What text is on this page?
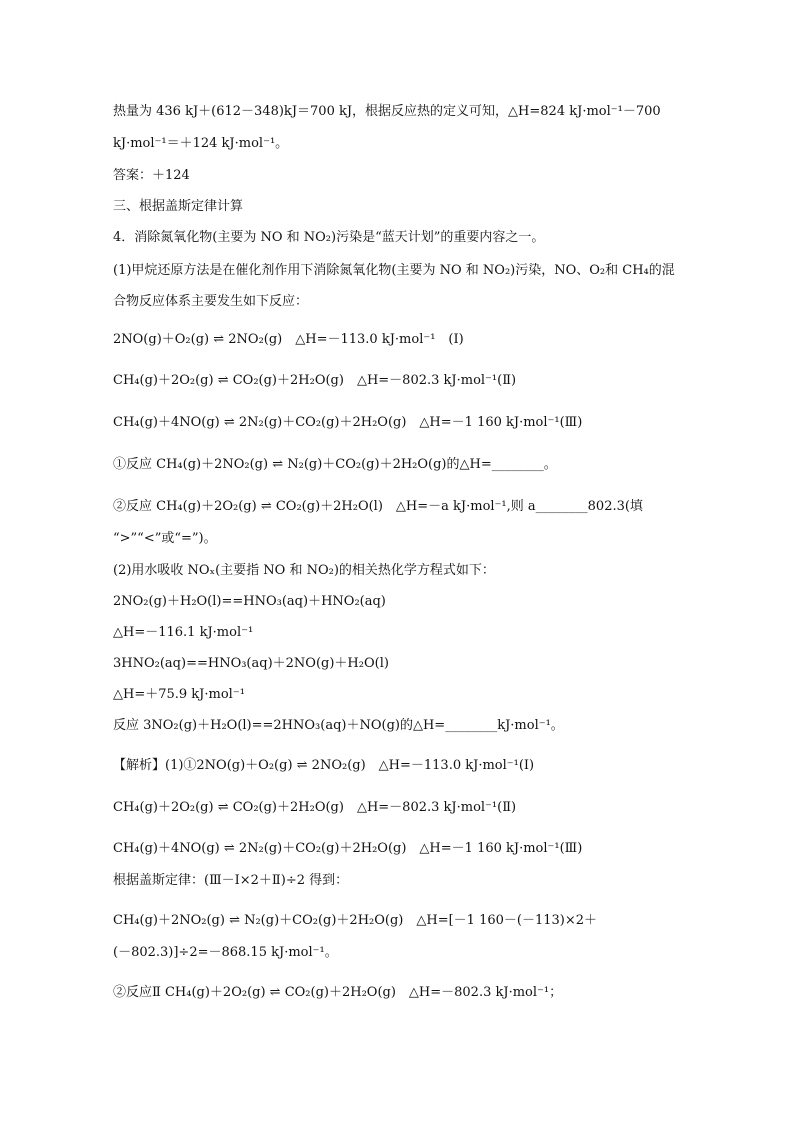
热量为 436 kJ＋(612－348)kJ＝700 kJ，根据反应热的定义可知，△H=824 kJ·mol⁻¹－700
kJ·mol⁻¹＝＋124 kJ·mol⁻¹。
答案：＋124
三、根据盖斯定律计算
4．消除氮氧化物(主要为 NO 和 NO₂)污染是“蓝天计划”的重要内容之一。
(1)甲烷还原方法是在催化剂作用下消除氮氧化物(主要为 NO 和 NO₂)污染，NO、O₂和 CH₄的混
合物反应体系主要发生如下反应：
2NO(g)＋O₂(g) ⇌ 2NO₂(g)　△H=－113.0 kJ·mol⁻¹　(Ⅰ)
CH₄(g)＋2O₂(g) ⇌ CO₂(g)＋2H₂O(g)　△H=－802.3 kJ·mol⁻¹(Ⅱ)
CH₄(g)＋4NO(g) ⇌ 2N₂(g)＋CO₂(g)＋2H₂O(g)　△H=－1 160 kJ·mol⁻¹(Ⅲ)
①反应 CH₄(g)＋2NO₂(g) ⇌ N₂(g)＋CO₂(g)＋2H₂O(g)的△H=________。
②反应 CH₄(g)＋2O₂(g) ⇌ CO₂(g)＋2H₂O(l)　△H=－a kJ·mol⁻¹,则 a________802.3(填
“>”“<”或“=”)。
(2)用水吸收 NOₓ(主要指 NO 和 NO₂)的相关热化学方程式如下：
2NO₂(g)＋H₂O(l)==HNO₃(aq)＋HNO₂(aq)
△H=－116.1 kJ·mol⁻¹
3HNO₂(aq)==HNO₃(aq)＋2NO(g)＋H₂O(l)
△H=＋75.9 kJ·mol⁻¹
反应 3NO₂(g)＋H₂O(l)==2HNO₃(aq)＋NO(g)的△H=________kJ·mol⁻¹。
【解析】(1)①2NO(g)＋O₂(g) ⇌ 2NO₂(g)　△H=－113.0 kJ·mol⁻¹(Ⅰ)
CH₄(g)＋2O₂(g) ⇌ CO₂(g)＋2H₂O(g)　△H=－802.3 kJ·mol⁻¹(Ⅱ)
CH₄(g)＋4NO(g) ⇌ 2N₂(g)＋CO₂(g)＋2H₂O(g)　△H=－1 160 kJ·mol⁻¹(Ⅲ)
根据盖斯定律：(Ⅲ－Ⅰ×2＋Ⅱ)÷2 得到：
CH₄(g)＋2NO₂(g) ⇌ N₂(g)＋CO₂(g)＋2H₂O(g)　△H=[－1 160－(－113)×2＋
(－802.3)]÷2=－868.15 kJ·mol⁻¹。
②反应Ⅱ CH₄(g)＋2O₂(g) ⇌ CO₂(g)＋2H₂O(g)　△H=－802.3 kJ·mol⁻¹；
